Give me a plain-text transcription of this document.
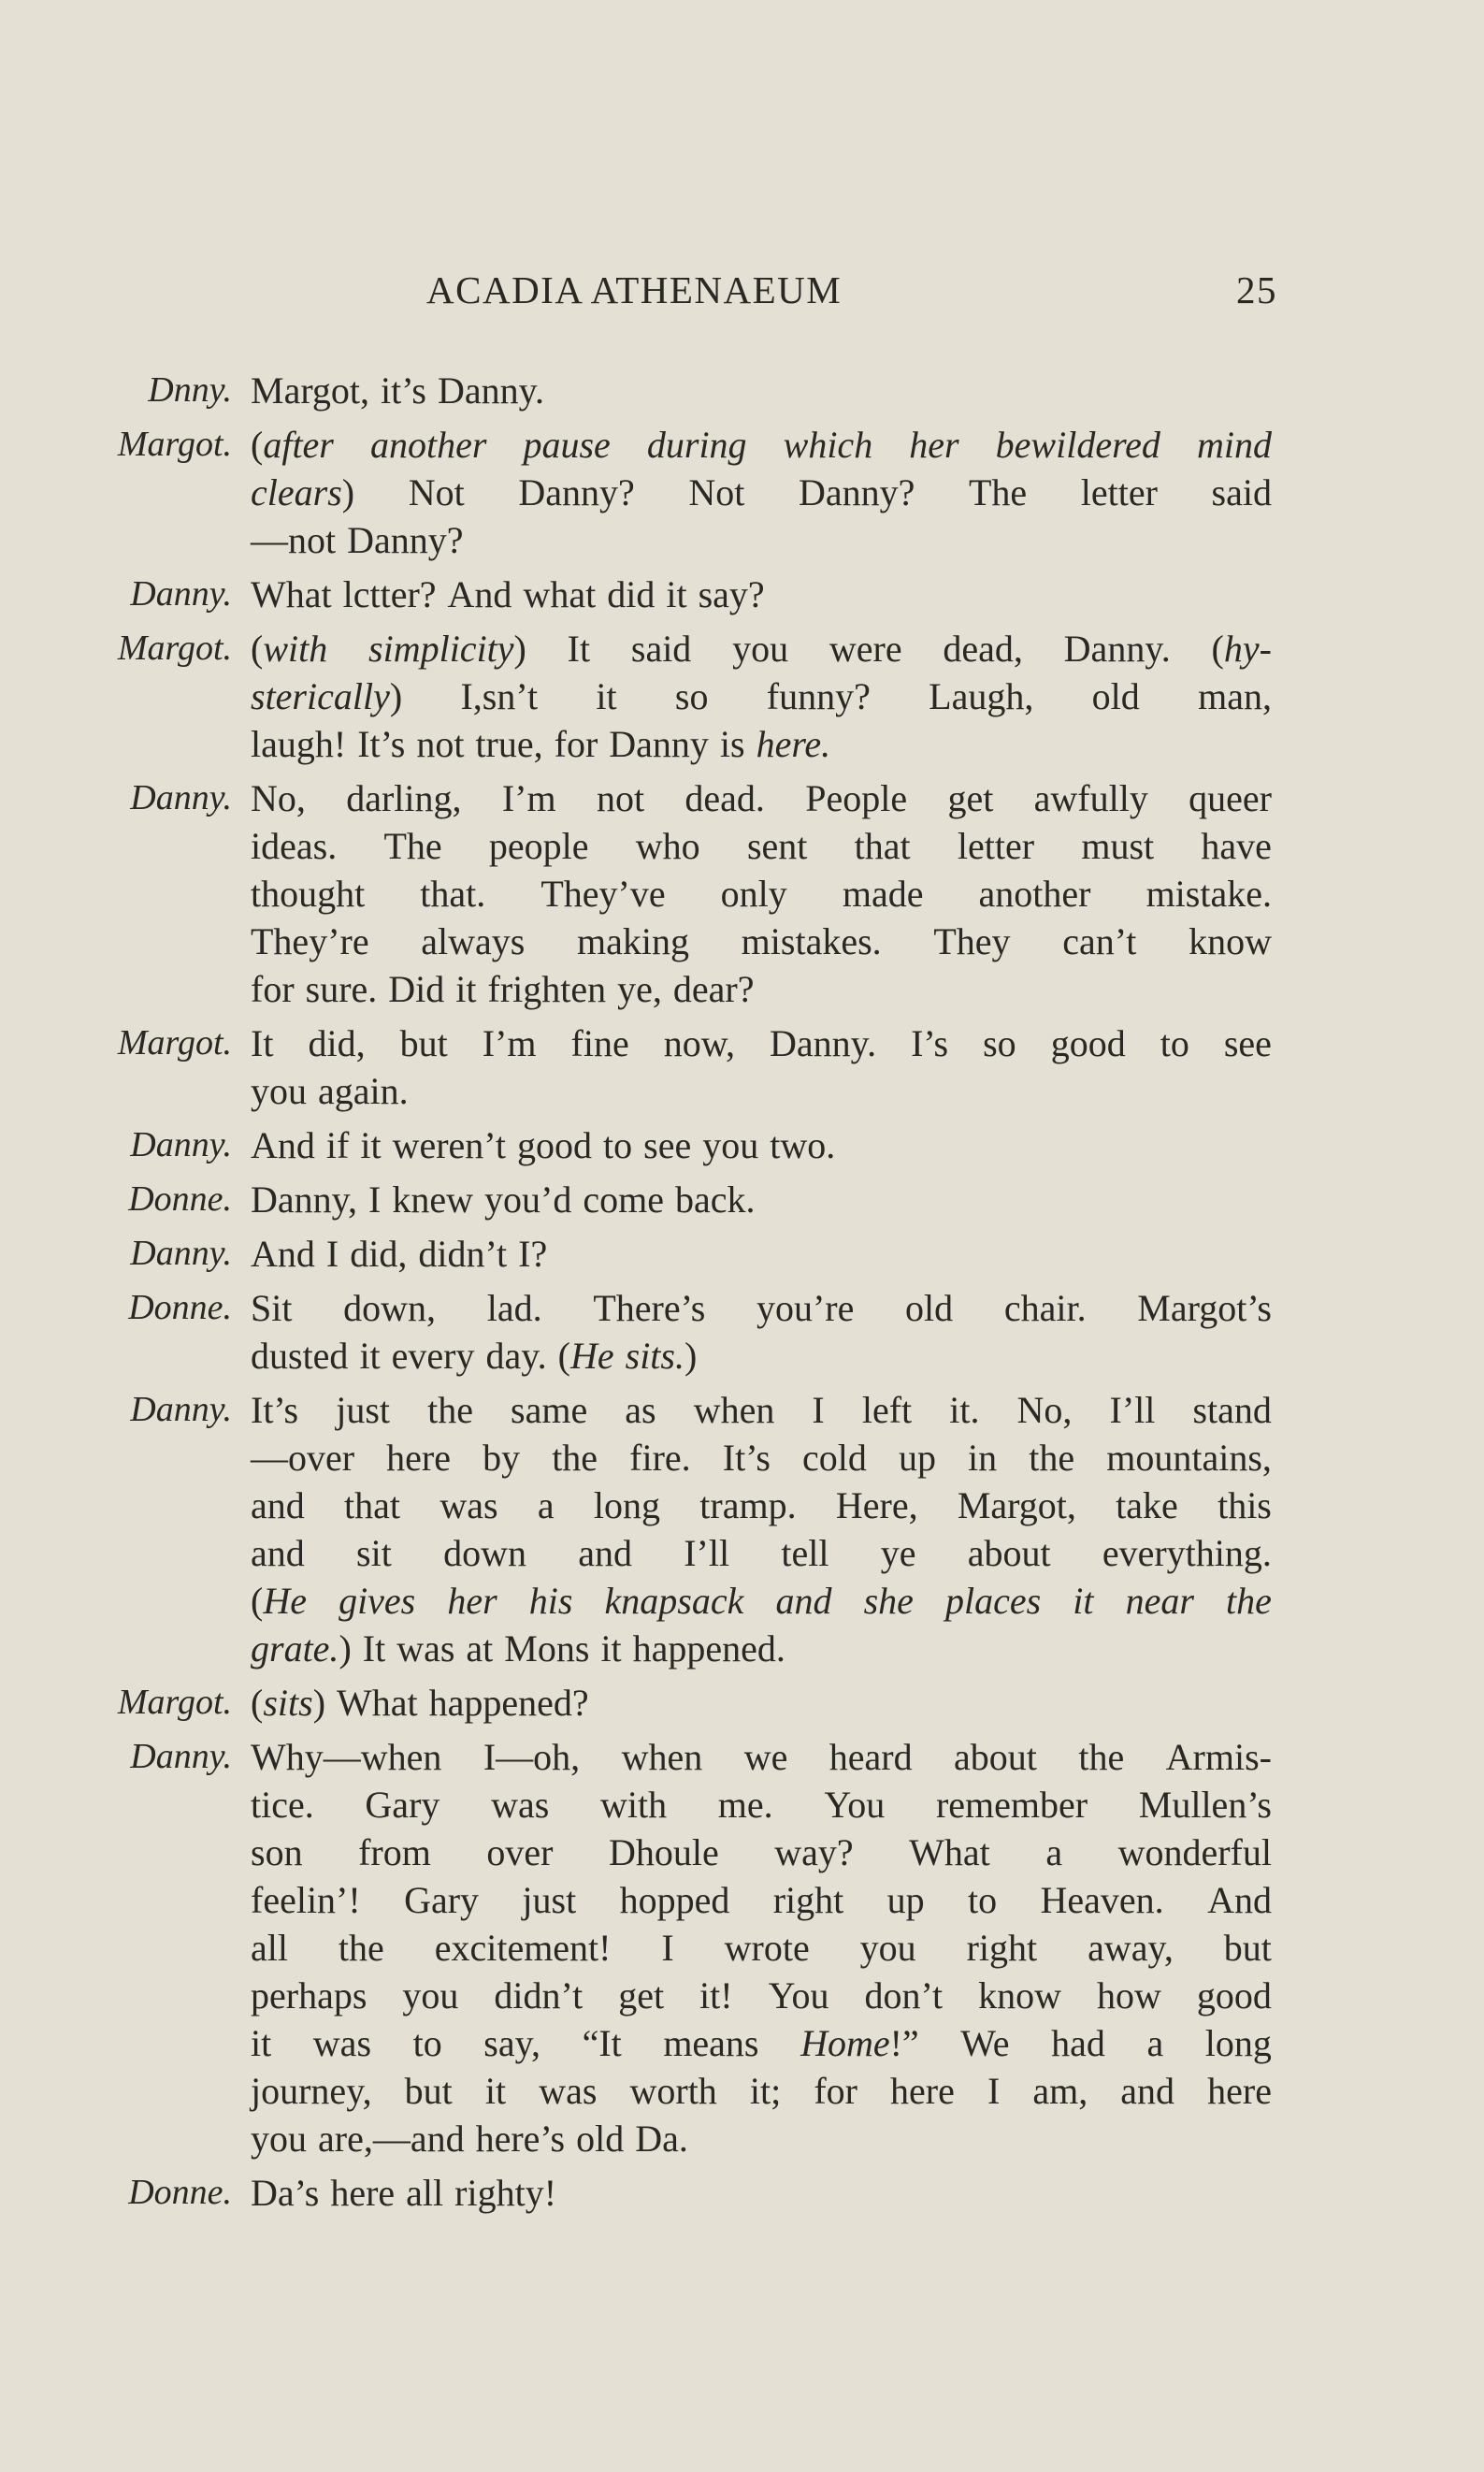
ACADIA ATHENAEUM	25
Dnny. Margot, it’s Danny.
Margot. (after another pause during which her bewildered mind
clears) Not Danny? Not Danny? The letter said
—not Danny?
Danny. What lctter? And what did it say?
Margot. (with simplicity) It said you were dead, Danny. (hy-
sterically) I,sn’t it so funny? Laugh, old man,
laugh! It’s not true, for Danny is here.
Danny. No, darling, I’m not dead. People get awfully queer
ideas. The people who sent that letter must have
thought that. They’ve only made another mistake.
They’re always making mistakes. They can’t know
for sure. Did it frighten ye, dear?
Margot. It did, but I’m fine now, Danny. I’s so good to see
you again.
Danny. And if it weren’t good to see you two.
Donne. Danny, I knew you’d come back.
Danny. And I did, didn’t I?
Donne. Sit down, lad. There’s you’re old chair. Margot’s
dusted it every day. (He sits.)
Danny. It’s just the same as when I left it. No, I’ll stand
—over here by the fire. It’s cold up in the mountains,
and that was a long tramp. Here, Margot, take this
and sit down and I’ll tell ye about everything.
(He gives her his knapsack and she places it near the
grate.) It was at Mons it happened.
Margot. (sits) What happened?
Danny. Why—when I—oh, when we heard about the Armis-
tice. Gary was with me. You remember Mullen’s
son from over Dhoule way? What a wonderful
feelin’! Gary just hopped right up to Heaven. And
all the excitement! I wrote you right away, but
perhaps you didn’t get it! You don’t know how good
it was to say, “It means Home!” We had a long
journey, but it was worth it; for here I am, and here
you are,—and here’s old Da.
Donne. Da’s here all righty!
